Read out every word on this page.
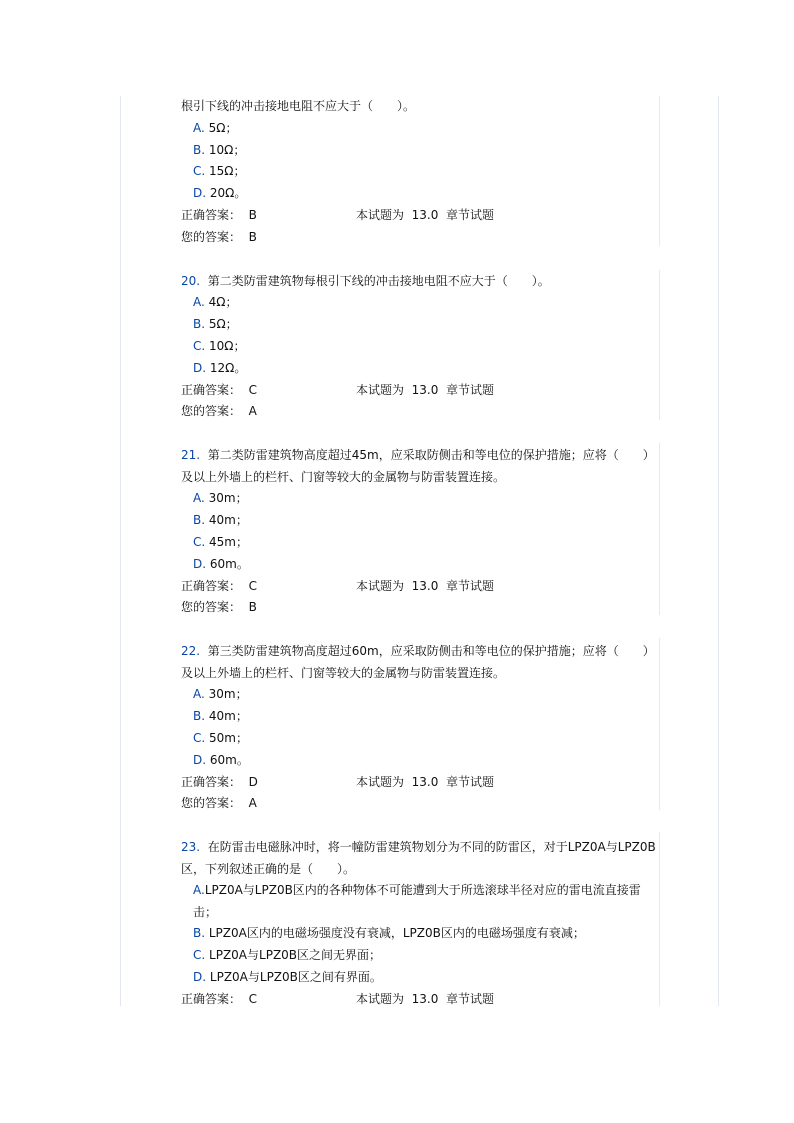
根引下线的冲击接地电阻不应大于（　　）。
A. 5Ω；
B. 10Ω；
C. 15Ω；
D. 20Ω。
正确答案： B	本试题为 13.0 章节试题
您的答案： B
20. 第二类防雷建筑物每根引下线的冲击接地电阻不应大于（　　）。
A. 4Ω；
B. 5Ω；
C. 10Ω；
D. 12Ω。
正确答案： C	本试题为 13.0 章节试题
您的答案： A
21. 第二类防雷建筑物高度超过45m，应采取防侧击和等电位的保护措施；应将（　　）及以上外墙上的栏杆、门窗等较大的金属物与防雷装置连接。
A. 30m；
B. 40m；
C. 45m；
D. 60m。
正确答案： C	本试题为 13.0 章节试题
您的答案： B
22. 第三类防雷建筑物高度超过60m，应采取防侧击和等电位的保护措施；应将（　　）及以上外墙上的栏杆、门窗等较大的金属物与防雷装置连接。
A. 30m；
B. 40m；
C. 50m；
D. 60m。
正确答案： D	本试题为 13.0 章节试题
您的答案： A
23. 在防雷击电磁脉冲时，将一幢防雷建筑物划分为不同的防雷区，对于LPZ0A与LPZ0B区，下列叙述正确的是（　　）。
A.LPZ0A与LPZ0B区内的各种物体不可能遭到大于所选滚球半径对应的雷电流直接雷击；
B. LPZ0A区内的电磁场强度没有衰减，LPZ0B区内的电磁场强度有衰减；
C. LPZ0A与LPZ0B区之间无界面；
D. LPZ0A与LPZ0B区之间有界面。
正确答案： C	本试题为 13.0 章节试题
